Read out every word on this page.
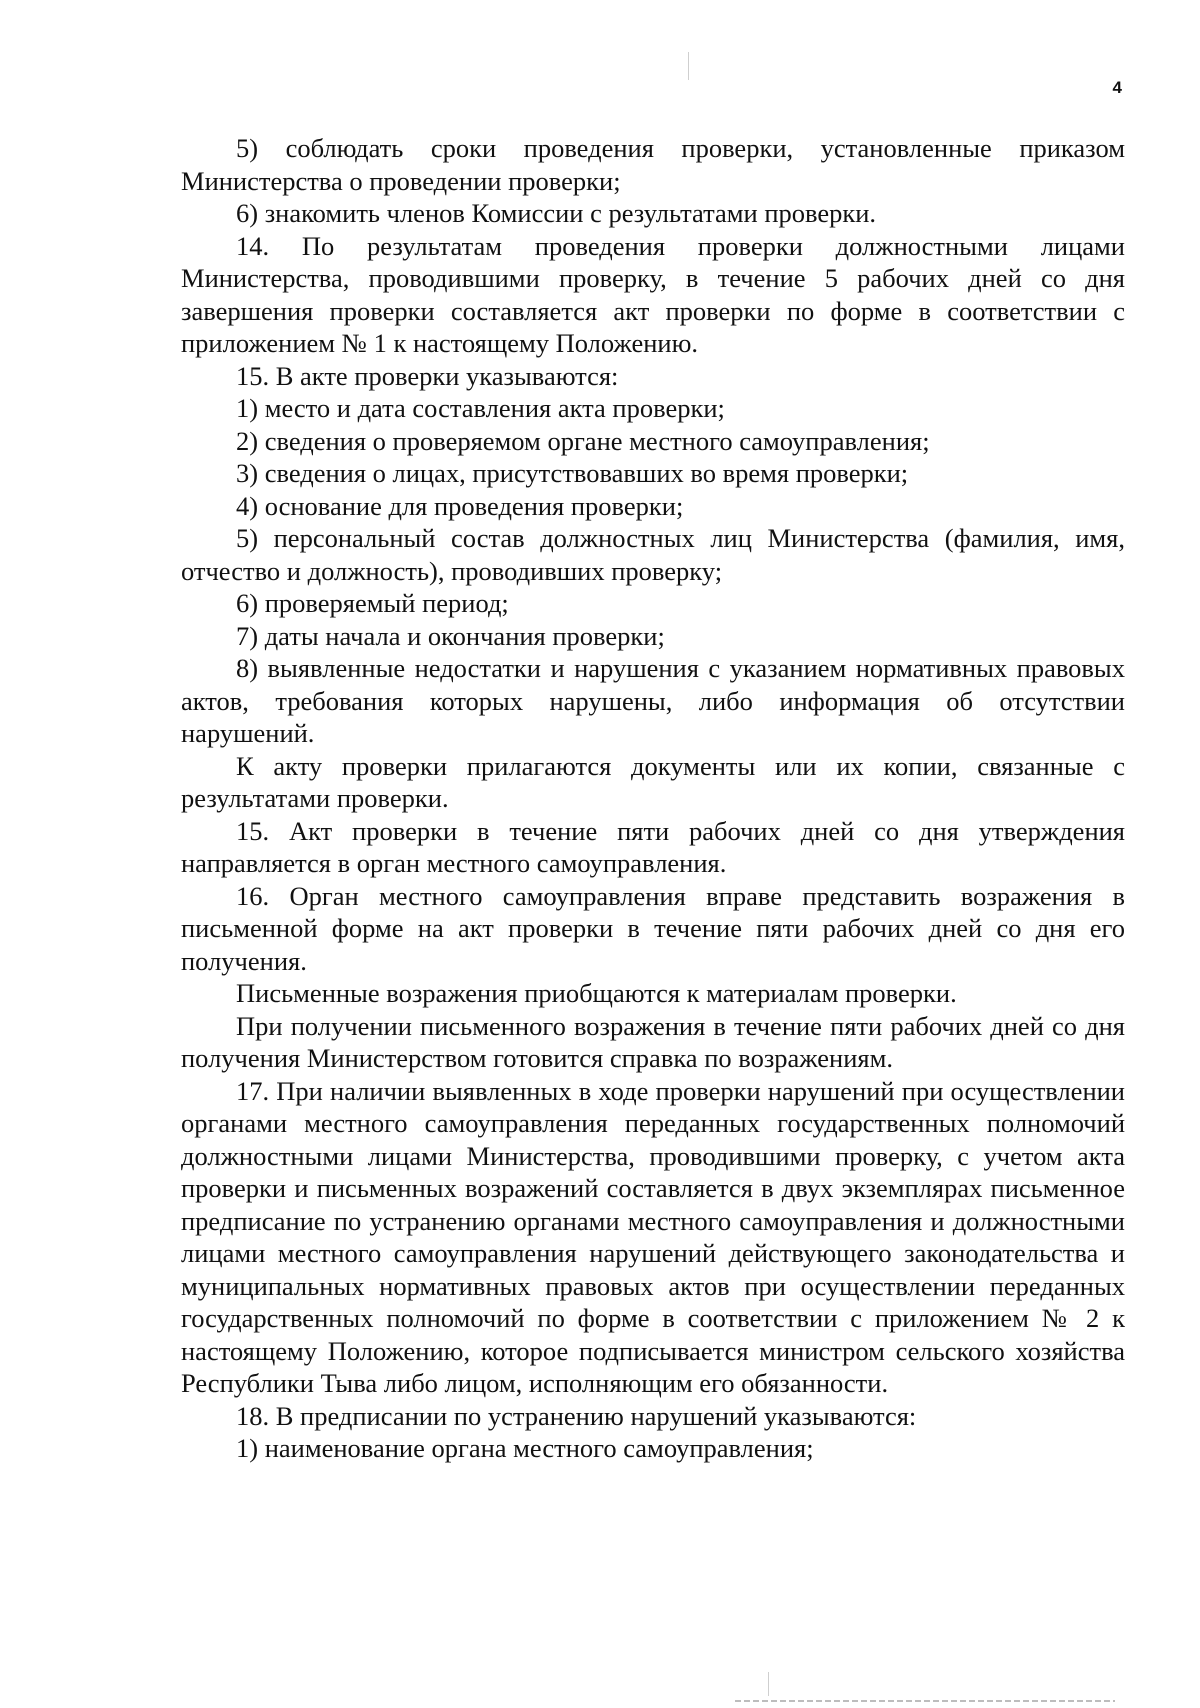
4

5) соблюдать сроки проведения проверки, установленные приказом Министерства о проведении проверки;

6) знакомить членов Комиссии с результатами проверки.

14. По результатам проведения проверки должностными лицами Министерства, проводившими проверку, в течение 5 рабочих дней со дня завершения проверки составляется акт проверки по форме в соответствии с приложением № 1 к настоящему Положению.

15. В акте проверки указываются:

1) место и дата составления акта проверки;

2) сведения о проверяемом органе местного самоуправления;

3) сведения о лицах, присутствовавших во время проверки;

4) основание для проведения проверки;

5) персональный состав должностных лиц Министерства (фамилия, имя, отчество и должность), проводивших проверку;

6) проверяемый период;

7) даты начала и окончания проверки;

8) выявленные недостатки и нарушения с указанием нормативных правовых актов, требования которых нарушены, либо информация об отсутствии нарушений.

К акту проверки прилагаются документы или их копии, связанные с результатами проверки.

15. Акт проверки в течение пяти рабочих дней со дня утверждения направляется в орган местного самоуправления.

16. Орган местного самоуправления вправе представить возражения в письменной форме на акт проверки в течение пяти рабочих дней со дня его получения.

Письменные возражения приобщаются к материалам проверки.

При получении письменного возражения в течение пяти рабочих дней со дня получения Министерством готовится справка по возражениям.

17. При наличии выявленных в ходе проверки нарушений при осуществлении органами местного самоуправления переданных государственных полномочий должностными лицами Министерства, проводившими проверку, с учетом акта проверки и письменных возражений составляется в двух экземплярах письменное предписание по устранению органами местного самоуправления и должностными лицами местного самоуправления нарушений действующего законодательства и муниципальных нормативных правовых актов при осуществлении переданных государственных полномочий по форме в соответствии с приложением № 2 к настоящему Положению, которое подписывается министром сельского хозяйства Республики Тыва либо лицом, исполняющим его обязанности.

18. В предписании по устранению нарушений указываются:

1) наименование органа местного самоуправления;
